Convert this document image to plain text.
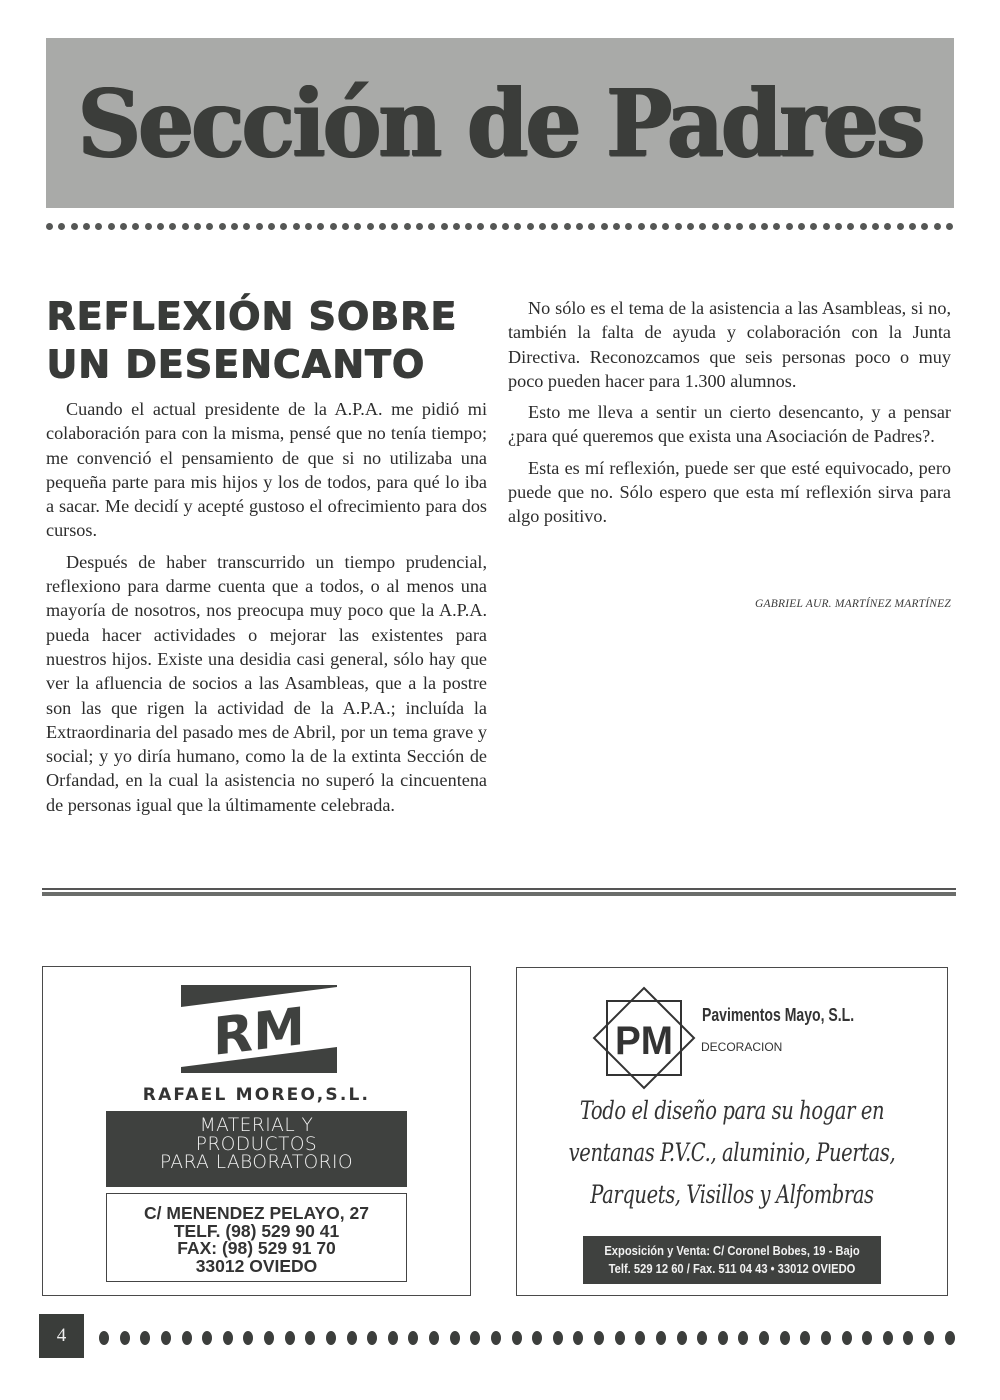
Sección de Padres
REFLEXIÓN SOBRE
UN DESENCANTO

Cuando el actual presidente de la A.P.A. me pidió mi colaboración para con la misma, pensé que no tenía tiempo; me convenció el pensamiento de que si no utilizaba una pequeña parte para mis hijos y los de todos, para qué lo iba a sacar. Me decidí y acepté gustoso el ofrecimiento para dos cursos.

Después de haber transcurrido un tiempo prudencial, reflexiono para darme cuenta que a todos, o al menos una mayoría de nosotros, nos preocupa muy poco que la A.P.A. pueda hacer actividades o mejorar las existentes para nuestros hijos. Existe una desidia casi general, sólo hay que ver la afluencia de socios a las Asambleas, que a la postre son las que rigen la actividad de la A.P.A.; incluída la Extraordinaria del pasado mes de Abril, por un tema grave y social; y yo diría humano, como la de la extinta Sección de Orfandad, en la cual la asistencia no superó la cincuentena de personas igual que la últimamente celebrada.

No sólo es el tema de la asistencia a las Asambleas, si no, también la falta de ayuda y colaboración con la Junta Directiva. Reconozcamos que seis personas poco o muy poco pueden hacer para 1.300 alumnos.

Esto me lleva a sentir un cierto desencanto, y a pensar ¿para qué queremos que exista una Asociación de Padres?.

Esta es mí reflexión, puede ser que esté equivocado, pero puede que no. Sólo espero que esta mí reflexión sirva para algo positivo.

GABRIEL AUR. MARTÍNEZ MARTÍNEZ
RM
RAFAEL MOREO,S.L.
MATERIAL Y
PRODUCTOS
PARA LABORATORIO
C/ MENENDEZ PELAYO, 27
TELF. (98) 529 90 41
FAX: (98) 529 91 70
33012 OVIEDO
PM
Pavimentos Mayo, S.L.
DECORACION
Todo el diseño para su hogar en
ventanas P.V.C., aluminio, Puertas,
Parquets, Visillos y Alfombras
Exposición y Venta: C/ Coronel Bobes, 19 - Bajo
Telf. 529 12 60 / Fax. 511 04 43 • 33012 OVIEDO
4
